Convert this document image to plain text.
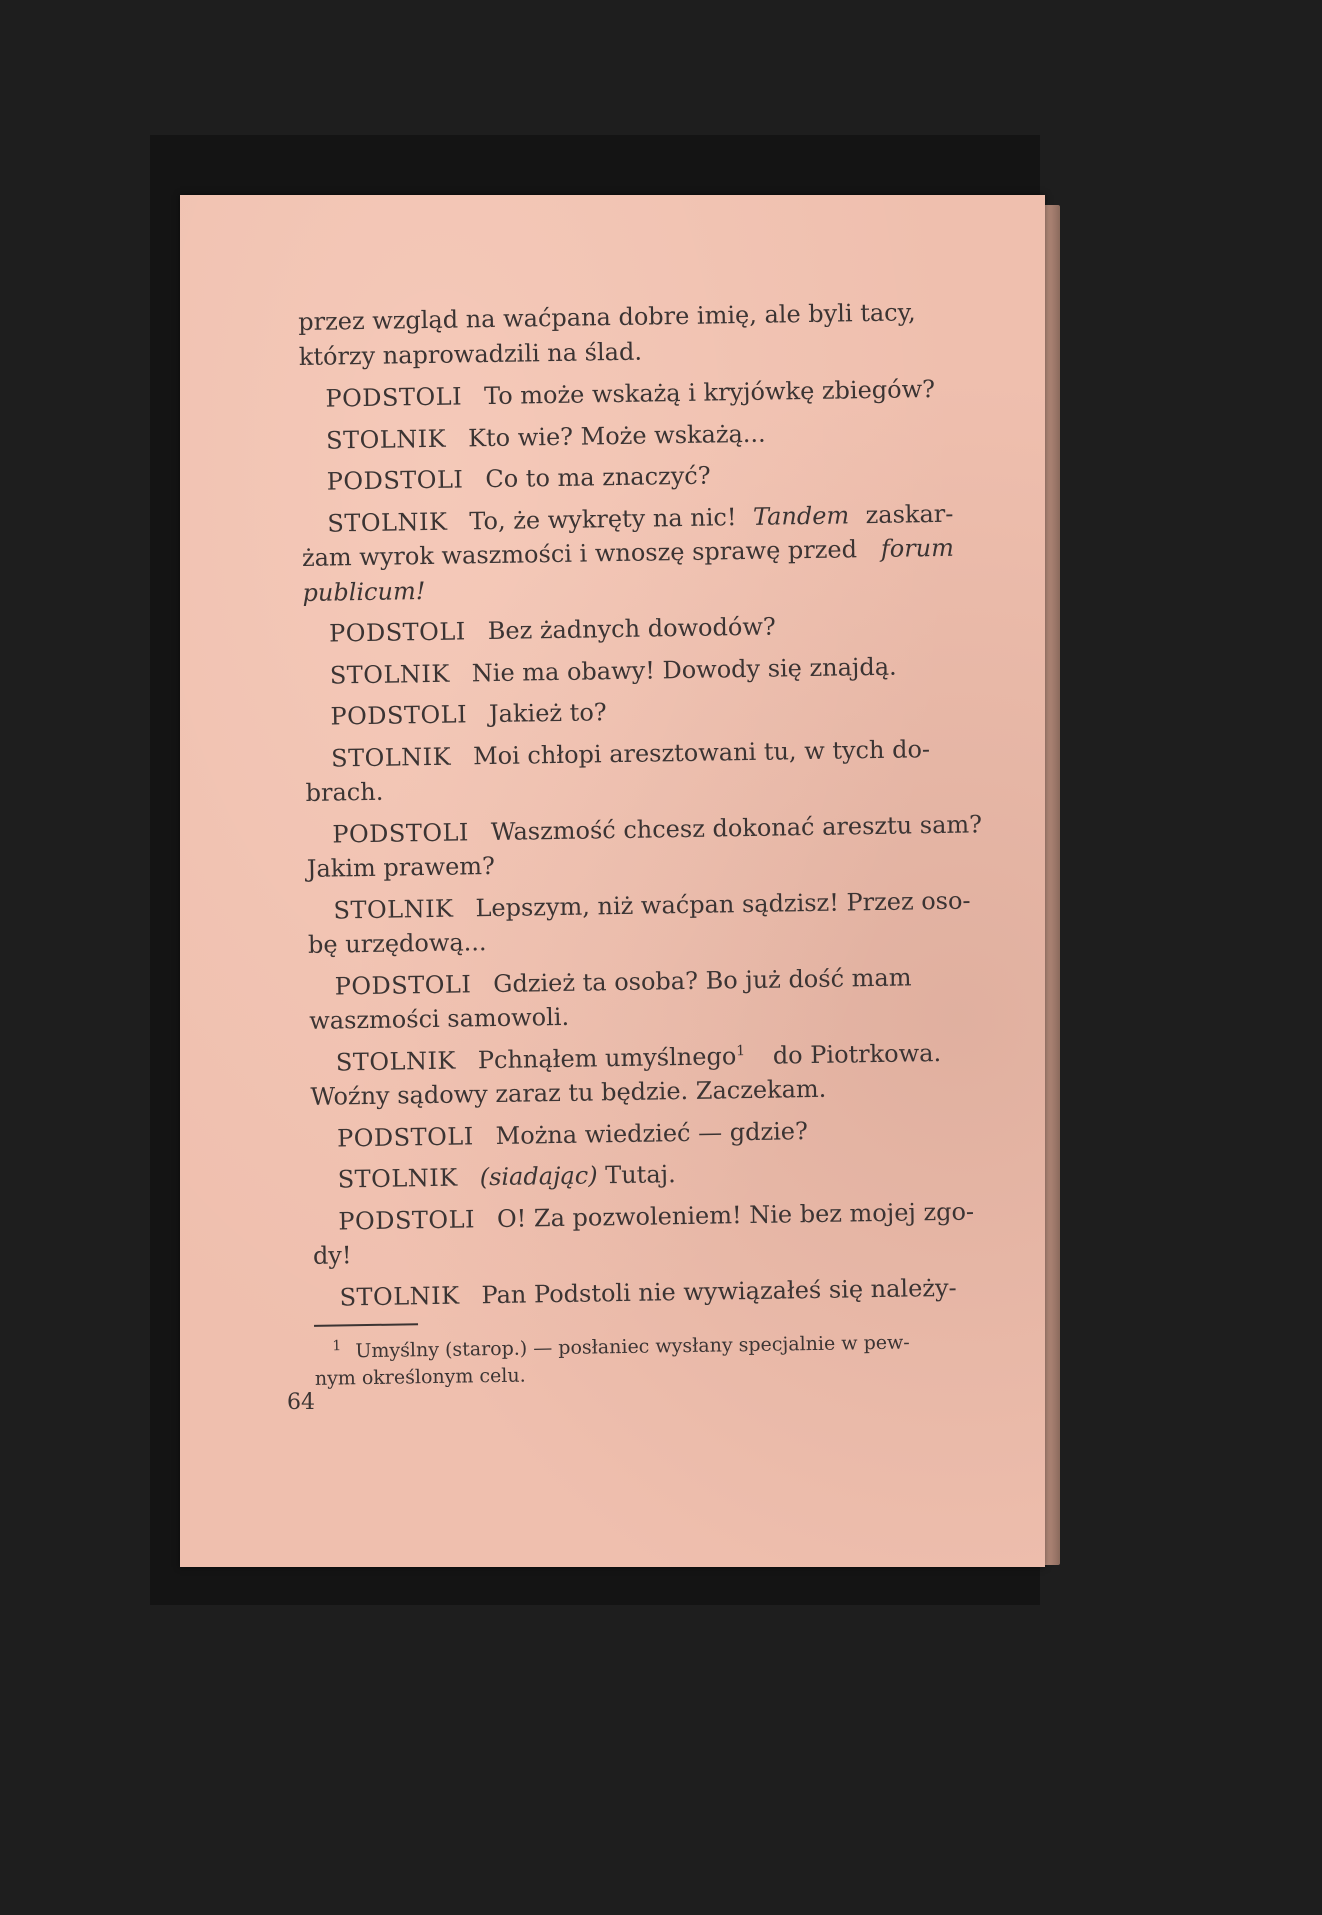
przez wzgląd na waćpana dobre imię, ale byli tacy,
którzy naprowadzili na ślad.

PODSTOLI To może wskażą i kryjówkę zbiegów?

STOLNIK Kto wie? Może wskażą...

PODSTOLI Co to ma znaczyć?

STOLNIK To, że wykręty na nic! Tandem zaskar-
żam wyrok waszmości i wnoszę sprawę przed forum
publicum!

PODSTOLI Bez żadnych dowodów?

STOLNIK Nie ma obawy! Dowody się znajdą.

PODSTOLI Jakież to?

STOLNIK Moi chłopi aresztowani tu, w tych do-
brach.

PODSTOLI Waszmość chcesz dokonać aresztu sam?
Jakim prawem?

STOLNIK Lepszym, niż waćpan sądzisz! Przez oso-
bę urzędową...

PODSTOLI Gdzież ta osoba? Bo już dość mam
waszmości samowoli.

STOLNIK Pchnąłem umyślnego$^1$ do Piotrkowa.
Woźny sądowy zaraz tu będzie. Zaczekam.

PODSTOLI Można wiedzieć — gdzie?

STOLNIK (siadając) Tutaj.

PODSTOLI O! Za pozwoleniem! Nie bez mojej zgo-
dy!

STOLNIK Pan Podstoli nie wywiązałeś się należy-

$^1$ Umyślny (starop.) — posłaniec wysłany specjalnie w pew-
nym określonym celu.
64
